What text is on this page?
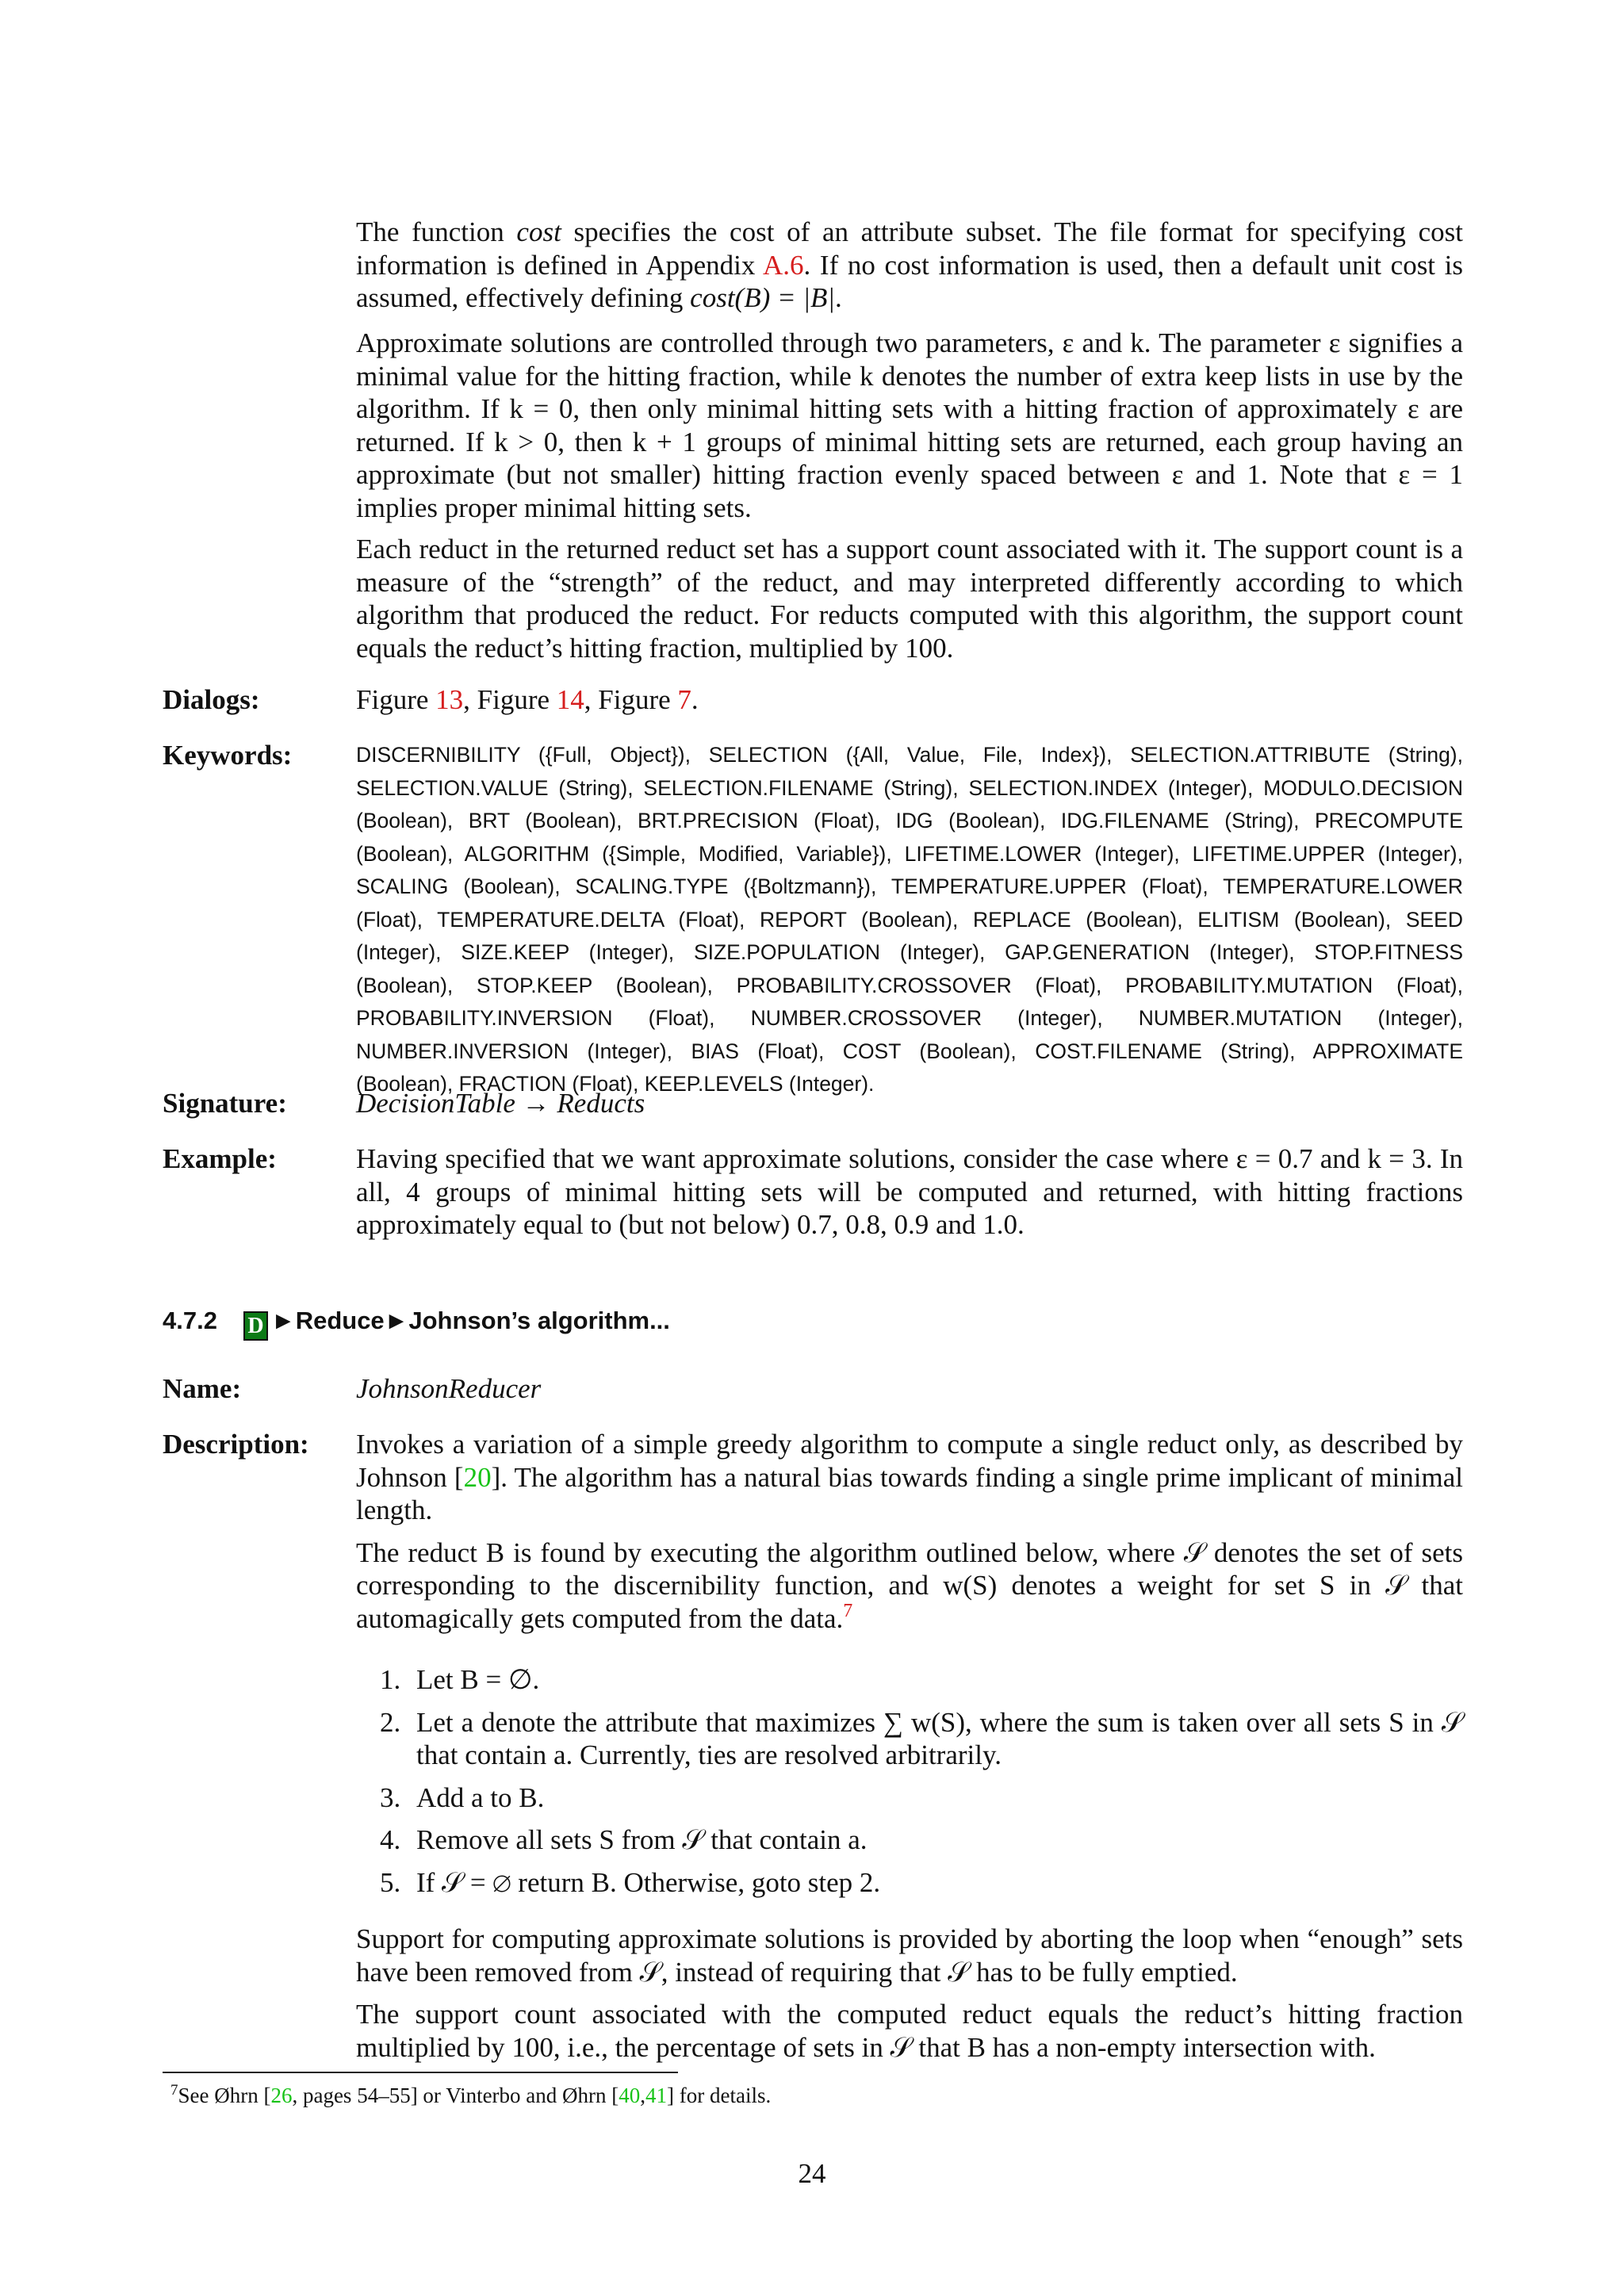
The function cost specifies the cost of an attribute subset. The file format for specifying cost information is defined in Appendix A.6. If no cost information is used, then a default unit cost is assumed, effectively defining cost(B) = |B|.

Approximate solutions are controlled through two parameters, ε and k. The parameter ε signifies a minimal value for the hitting fraction, while k denotes the number of extra keep lists in use by the algorithm. If k = 0, then only minimal hitting sets with a hitting fraction of approximately ε are returned. If k > 0, then k + 1 groups of minimal hitting sets are returned, each group having an approximate (but not smaller) hitting fraction evenly spaced between ε and 1. Note that ε = 1 implies proper minimal hitting sets.

Each reduct in the returned reduct set has a support count associated with it. The support count is a measure of the “strength” of the reduct, and may interpreted differently according to which algorithm that produced the reduct. For reducts computed with this algorithm, the support count equals the reduct’s hitting fraction, multiplied by 100.

Dialogs:	Figure 13, Figure 14, Figure 7.
Keywords:	DISCERNIBILITY ({Full, Object}), SELECTION ({All, Value, File, Index}), SELECTION.ATTRIBUTE (String), SELECTION.VALUE (String), SELECTION.FILENAME (String), SELECTION.INDEX (Integer), MODULO.DECISION (Boolean), BRT (Boolean), BRT.PRECISION (Float), IDG (Boolean), IDG.FILENAME (String), PRECOMPUTE (Boolean), ALGORITHM ({Simple, Modified, Variable}), LIFETIME.LOWER (Integer), LIFETIME.UPPER (Integer), SCALING (Boolean), SCALING.TYPE ({Boltzmann}), TEMPERATURE.UPPER (Float), TEMPERATURE.LOWER (Float), TEMPERATURE.DELTA (Float), REPORT (Boolean), REPLACE (Boolean), ELITISM (Boolean), SEED (Integer), SIZE.KEEP (Integer), SIZE.POPULATION (Integer), GAP.GENERATION (Integer), STOP.FITNESS (Boolean), STOP.KEEP (Boolean), PROBABILITY.CROSSOVER (Float), PROBABILITY.MUTATION (Float), PROBABILITY.INVERSION (Float), NUMBER.CROSSOVER (Integer), NUMBER.MUTATION (Integer), NUMBER.INVERSION (Integer), BIAS (Float), COST (Boolean), COST.FILENAME (String), APPROXIMATE (Boolean), FRACTION (Float), KEEP.LEVELS (Integer).

Signature: DecisionTable → Reducts
Example:	Having specified that we want approximate solutions, consider the case where ε = 0.7 and k = 3. In all, 4 groups of minimal hitting sets will be computed and returned, with hitting fractions approximately equal to (but not below) 0.7, 0.8, 0.9 and 1.0.

4.7.2 D ►Reduce►Johnson’s algorithm...
Name:	JohnsonReducer
Description: Invokes a variation of a simple greedy algorithm to compute a single reduct only, as described by Johnson [20]. The algorithm has a natural bias towards finding a single prime implicant of minimal length.

The reduct B is found by executing the algorithm outlined below, where 𝒮 denotes the set of sets corresponding to the discernibility function, and w(S) denotes a weight for set S in 𝒮 that automagically gets computed from the data.$^7$

1. Let B = ∅.
2. Let a denote the attribute that maximizes ∑ w(S), where the sum is taken over all sets S in 𝒮 that contain a. Currently, ties are resolved arbitrarily.
3. Add a to B.
4. Remove all sets S from 𝒮 that contain a.
5. If 𝒮 = ∅ return B. Otherwise, goto step 2.

Support for computing approximate solutions is provided by aborting the loop when “enough” sets have been removed from 𝒮, instead of requiring that 𝒮 has to be fully emptied.

The support count associated with the computed reduct equals the reduct’s hitting fraction multiplied by 100, i.e., the percentage of sets in 𝒮 that B has a non-empty intersection with.

$^7$See Øhrn [26, pages 54–55] or Vinterbo and Øhrn [40,41] for details.
24
